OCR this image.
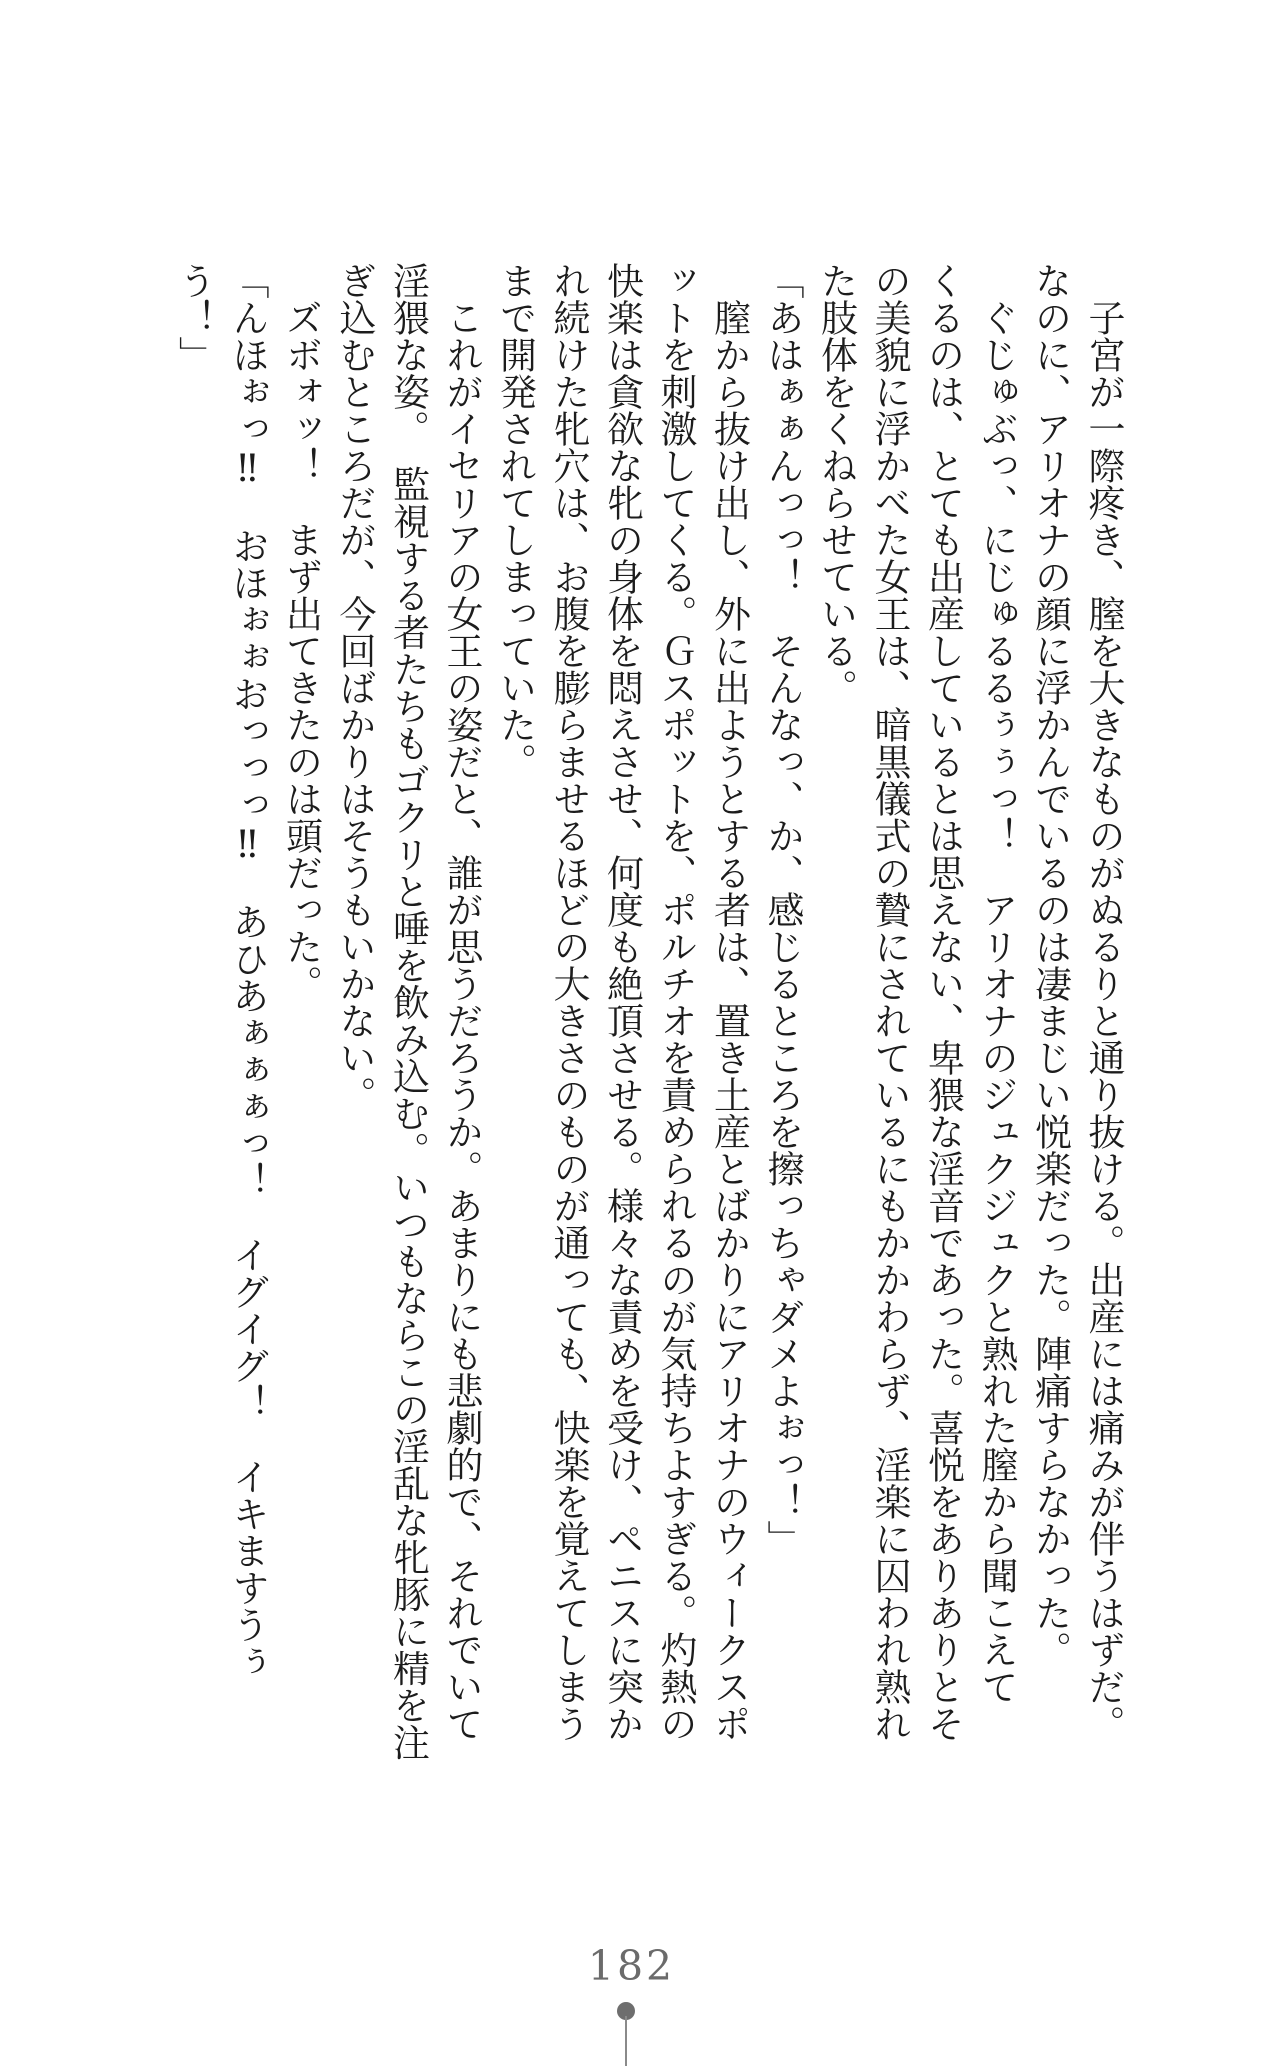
　子宮が一際疼き、膣を大きなものがぬるりと通り抜ける。出産には痛みが伴うはずだ。
なのに、アリオナの顔に浮かんでいるのは凄まじい悦楽だった。陣痛すらなかった。
　ぐじゅぶっ、にじゅるるぅぅっ！　アリオナのジュクジュクと熟れた膣から聞こえて
くるのは、とても出産しているとは思えない、卑猥な淫音であった。喜悦をありありとそ
の美貌に浮かべた女王は、暗黒儀式の贄にされているにもかかわらず、淫楽に囚われ熟れ
た肢体をくねらせている。
「あはぁぁんっっ！　そんなっ、か、感じるところを擦っちゃダメよぉっ！」
　膣から抜け出し、外に出ようとする者は、置き土産とばかりにアリオナのウィークスポ
ットを刺激してくる。Ｇスポットを、ポルチオを責められるのが気持ちよすぎる。灼熱の
快楽は貪欲な牝の身体を悶えさせ、何度も絶頂させる。様々な責めを受け、ペニスに突か
れ続けた牝穴は、お腹を膨らませるほどの大きさのものが通っても、快楽を覚えてしまう
まで開発されてしまっていた。
　これがイセリアの女王の姿だと、誰が思うだろうか。あまりにも悲劇的で、それでいて
淫猥な姿。　監視する者たちもゴクリと唾を飲み込む。いつもならこの淫乱な牝豚に精を注
ぎ込むところだが、今回ばかりはそうもいかない。
　ズボォッ！　まず出てきたのは頭だった。
「んほぉっ‼　おほぉぉおっっっ‼　あひあぁぁぁっ！　イグイグ！　イキますうぅ
う！」
182
